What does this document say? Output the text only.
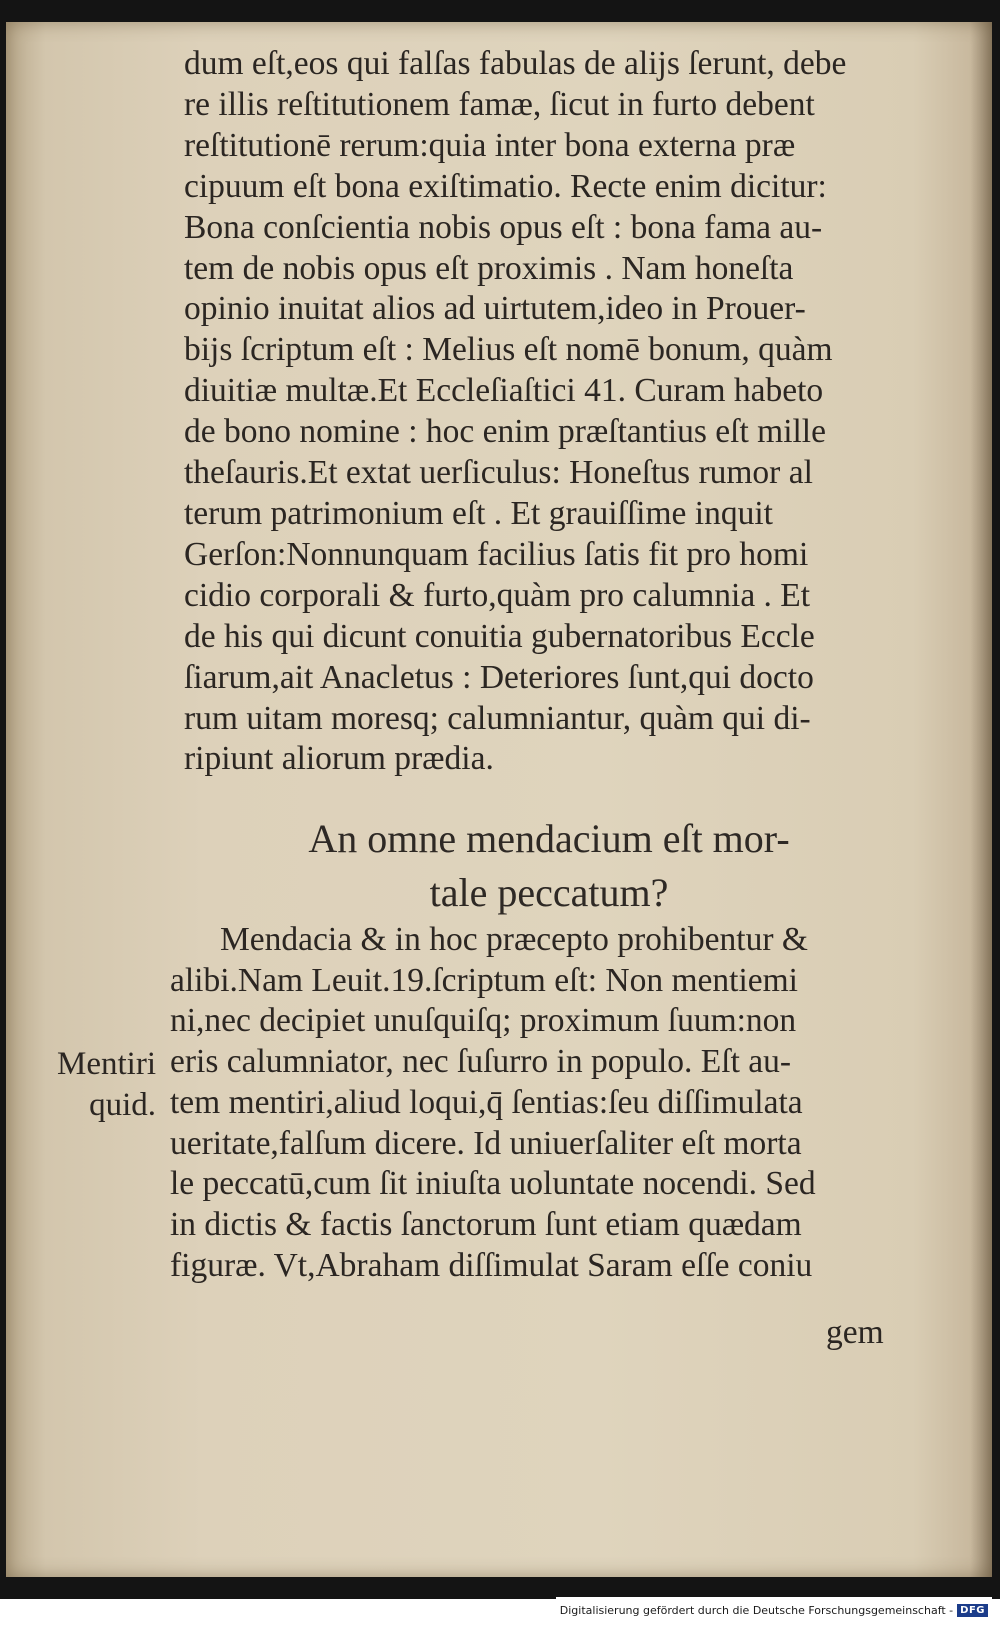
dum eſt,eos qui falſas fabulas de alijs ſerunt, debe
re illis reſtitutionem famæ, ſicut in furto debent
reſtitutionē rerum:quia inter bona externa præ
cipuum eſt bona exiſtimatio. Recte enim dicitur:
Bona conſcientia nobis opus eſt : bona fama au-
tem de nobis opus eſt proximis . Nam honeſta
opinio inuitat alios ad uirtutem,ideo in Prouer-
bijs ſcriptum eſt : Melius eſt nomē bonum, quàm
diuitiæ multæ.Et Eccleſiaſtici 41. Curam habeto
de bono nomine : hoc enim præſtantius eſt mille
theſauris.Et extat uerſiculus: Honeſtus rumor al
terum patrimonium eſt . Et grauiſſime inquit
Gerſon:Nonnunquam facilius ſatis fit pro homi
cidio corporali & furto,quàm pro calumnia . Et
de his qui dicunt conuitia gubernatoribus Eccle
ſiarum,ait Anacletus : Deteriores ſunt,qui docto
rum uitam moresq; calumniantur, quàm qui di-
ripiunt aliorum prædia.
An omne mendacium eſt mor-
tale peccatum?
Mentiri
quid.
Mendacia & in hoc præcepto prohibentur &
alibi.Nam Leuit.19.ſcriptum eſt: Non mentiemi
ni,nec decipiet unuſquiſq; proximum ſuum:non
eris calumniator, nec ſuſurro in populo. Eſt au-
tem mentiri,aliud loqui,q̄ ſentias:ſeu diſſimulata
ueritate,falſum dicere. Id uniuerſaliter eſt morta
le peccatū,cum ſit iniuſta uoluntate nocendi. Sed
in dictis & factis ſanctorum ſunt etiam quædam
figuræ. Vt,Abraham diſſimulat Saram eſſe coniu
gem
Digitalisierung gefördert durch die Deutsche Forschungsgemeinschaft - DFG
